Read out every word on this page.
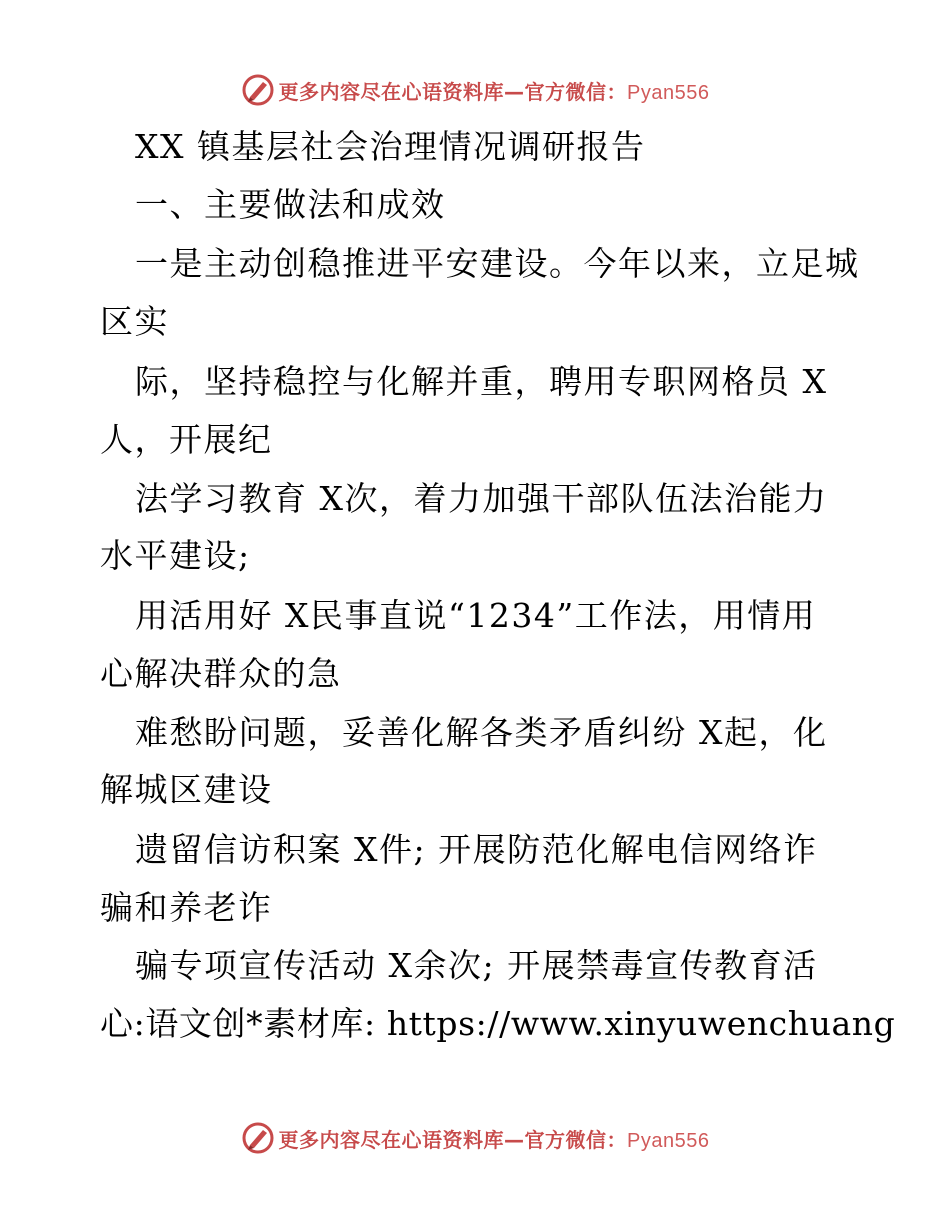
更多内容尽在心语资料库—官方微信：Pyan556
XX 镇基层社会治理情况调研报告
一、主要做法和成效
一是主动创稳推进平安建设。今年以来，立足城
区实
际，坚持稳控与化解并重，聘用专职网格员 X
人，开展纪
法学习教育 X次，着力加强干部队伍法治能力
水平建设;
用活用好 X民事直说“1234”工作法，用情用
心解决群众的急
难愁盼问题，妥善化解各类矛盾纠纷 X起，化
解城区建设
遗留信访积案 X件; 开展防范化解电信网络诈
骗和养老诈
骗专项宣传活动 X余次; 开展禁毒宣传教育活
心:语文创*素材库: https://www.xinyuwenchuang
更多内容尽在心语资料库—官方微信：Pyan556
